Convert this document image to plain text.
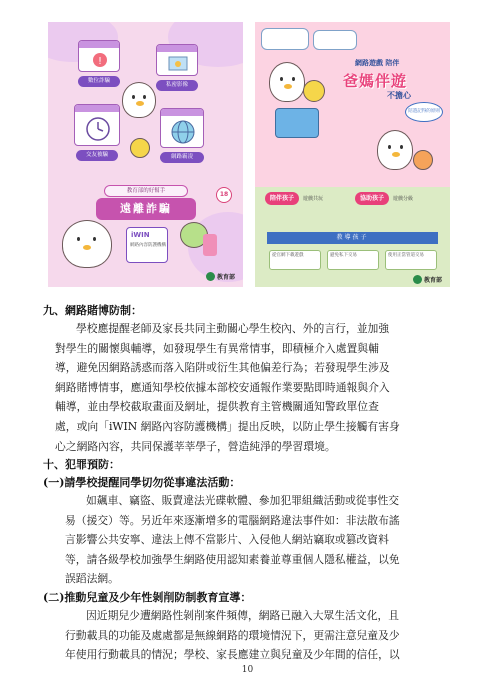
!
數位詐騙
私密影像
交友被騙	網路霸凌
教育部的好幫手
遠離詐騙
18
iWIN
網路內容防護機構
教育部
網路遊戲 陪伴
爸媽伴遊
不擔心
陪遊記得的原則
陪伴孩子	遊戲共玩	協助孩子	遊戲分級
教導孩子
從官網下載遊戲	避免私下交易	使用正當管道交易
教育部
九、網路賭博防制：
學校應提醒老師及家長共同主動關心學生校內、外的言行，並加強
對學生的關懷與輔導，如發現學生有異常情事，即積極介入處置與輔
導，避免因網路誘惑而落入陷阱或衍生其他偏差行為；若發現學生涉及
網路賭博情事，應通知學校依據本部校安通報作業要點即時通報與介入
輔導，並由學校截取畫面及網址，提供教育主管機關通知警政單位查
處，或向「iWIN 網路內容防護機構」提出反映，以防止學生接觸有害身
心之網路內容，共同保護莘莘學子，營造純淨的學習環境。
十、犯罪預防：
(一)請學校提醒同學切勿從事違法活動：
如飆車、竊盜、販賣違法光碟軟體、參加犯罪組織活動或從事性交
易（援交）等。另近年來逐漸增多的電腦網路違法事件如：非法散布謠
言影響公共安寧、違法上傳不當影片、入侵他人網站竊取或篡改資料
等，請各級學校加強學生網路使用認知素養並尊重個人隱私權益，以免
誤蹈法網。
(二)推動兒童及少年性剝削防制教育宣導：
因近期兒少遭網路性剝削案件頻傳，網路已融入大眾生活文化，且
行動載具的功能及處處都是無線網路的環境情況下，更需注意兒童及少
年使用行動載具的情況；學校、家長應建立與兒童及少年間的信任，以
10
